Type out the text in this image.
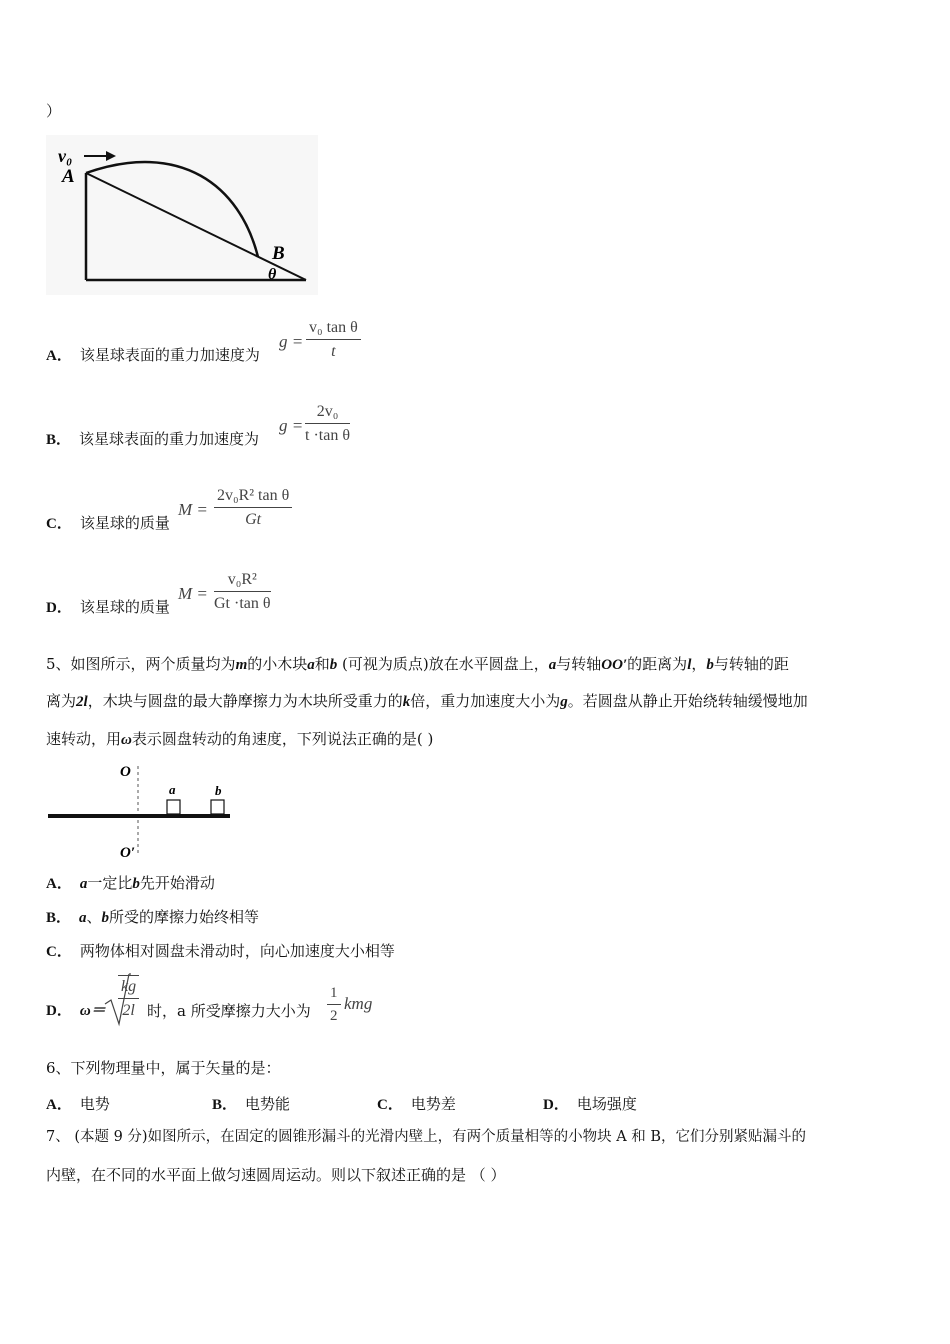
）
v₀
A
B
θ
A． 该星球表面的重力加速度为
$g = \frac{\text{v₀ tan θ}}{t}$
B． 该星球表面的重力加速度为
$g = \frac{\text{2v₀}}{\text{t ·tan θ}}$
C． 该星球的质量
$M = \frac{\text{2v₀R² tan θ}}{Gt}$
D． 该星球的质量
$M = \frac{\text{v₀R²}}{\text{Gt ·tan θ}}$
5、如图所示，两个质量均为m的小木块a和b (可视为质点)放在水平圆盘上，a与转轴OO′的距离为l，b与转轴的距
离为2l，木块与圆盘的最大静摩擦力为木块所受重力的k倍，重力加速度大小为g。若圆盘从静止开始绕转轴缓慢地加
速转动，用ω表示圆盘转动的角速度，下列说法正确的是( )
O
O′
a	b
A． a一定比b先开始滑动
B． a、b所受的摩擦力始终相等
C． 两物体相对圆盘未滑动时，向心加速度大小相等
D． $\omega= \frac{kg}{2l}$ 时，a 所受摩擦力大小为 $\frac{1}{2}$ kmg
6、下列物理量中，属于矢量的是：
A． 电势	B． 电势能	C． 电势差	D． 电场强度
7、 (本题 9 分)如图所示，在固定的圆锥形漏斗的光滑内壁上，有两个质量相等的小物块 A 和 B，它们分别紧贴漏斗的
内壁，在不同的水平面上做匀速圆周运动。则以下叙述正确的是 （ ）
